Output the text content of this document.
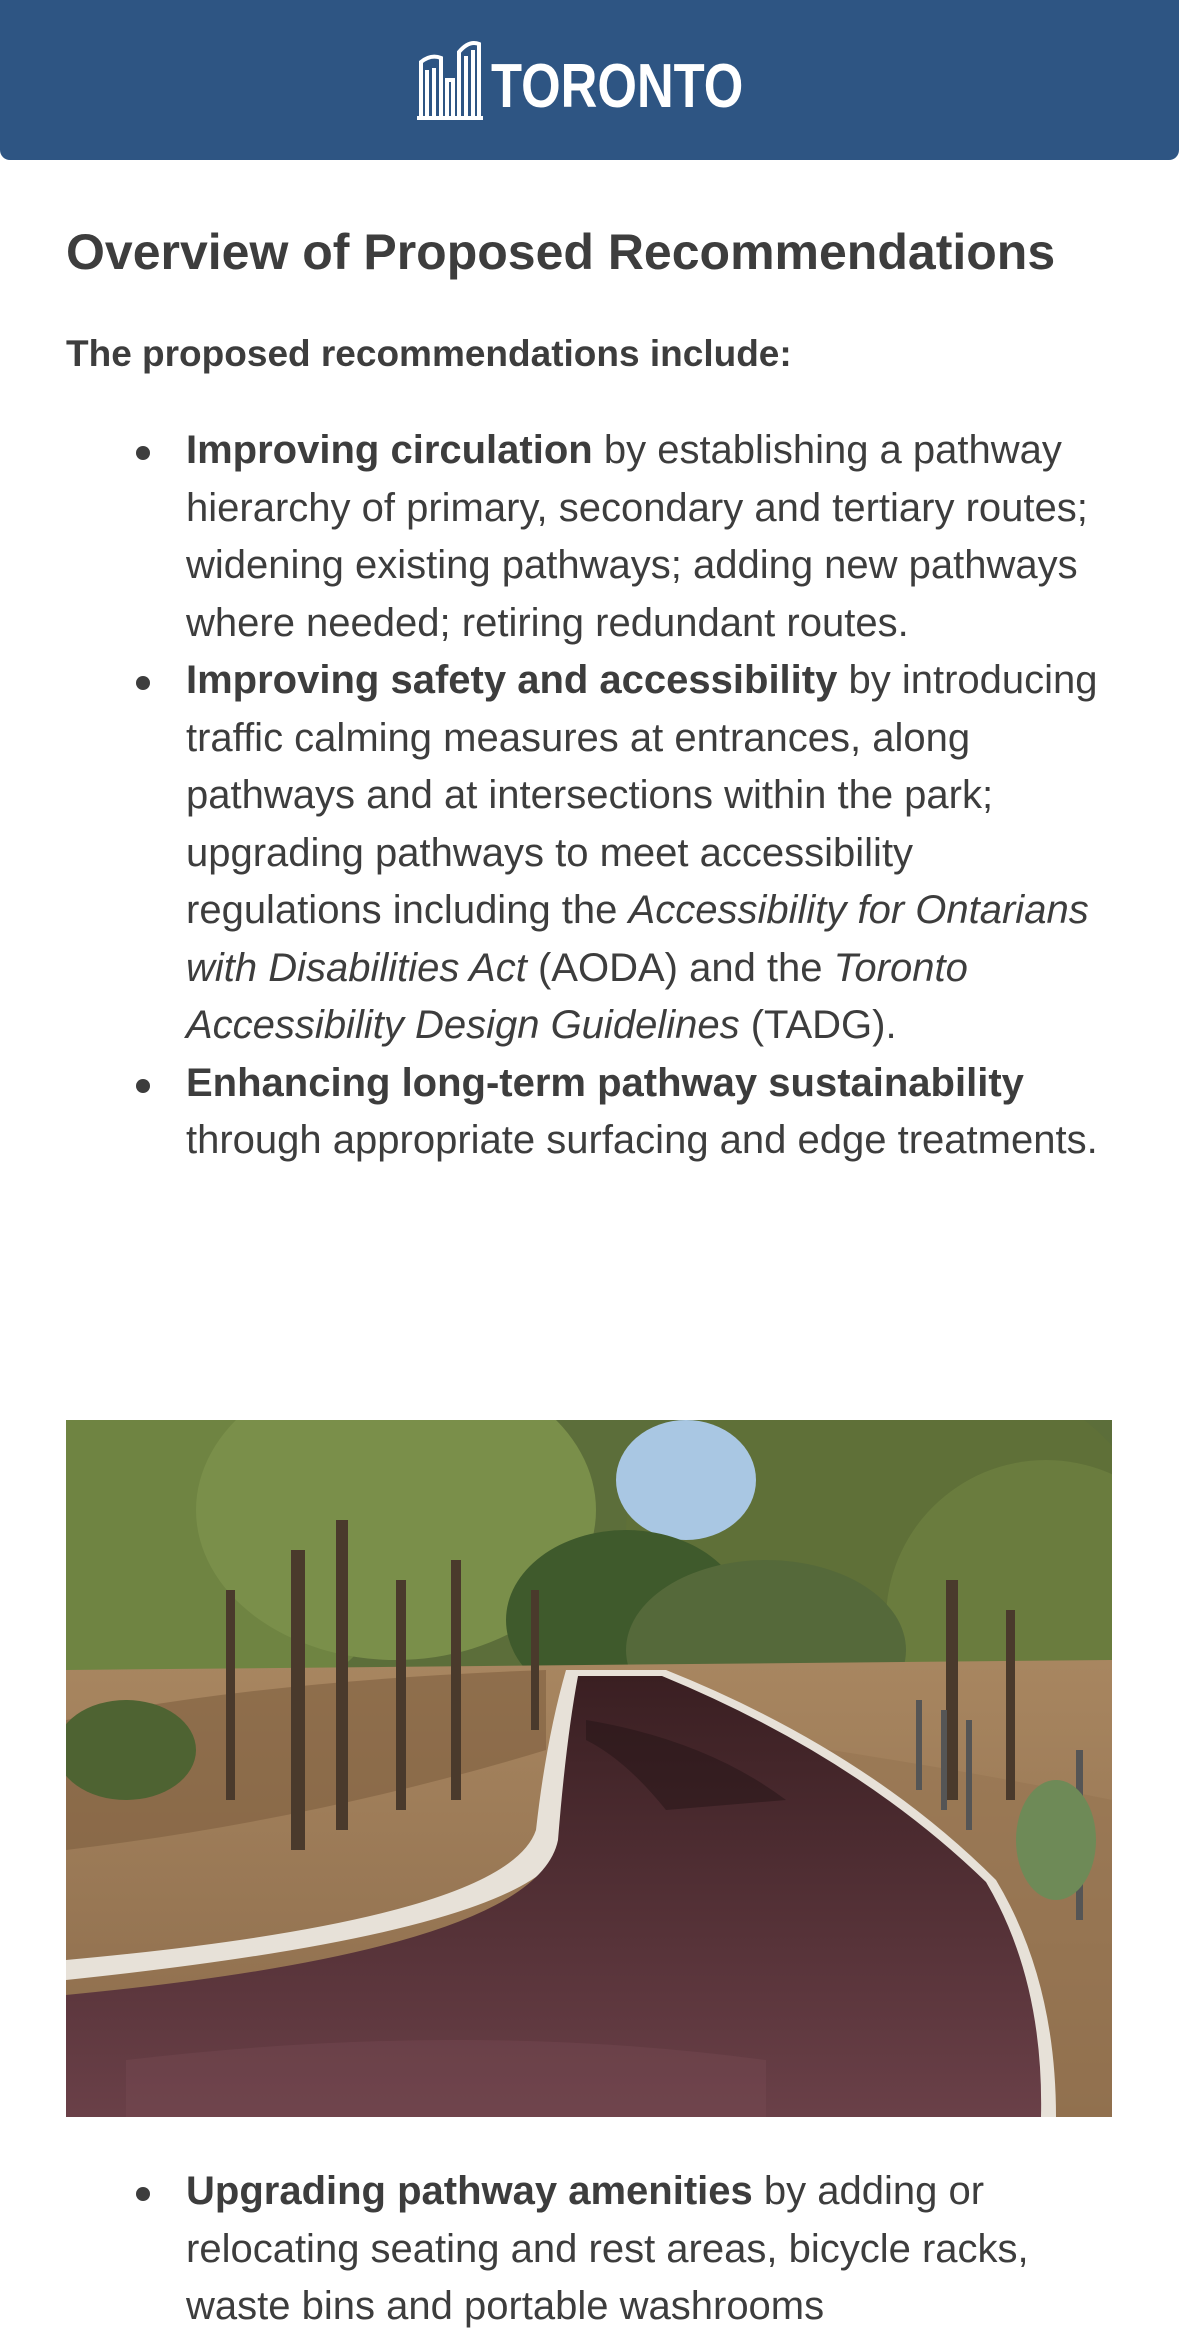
TORONTO
Overview of Proposed Recommendations

The proposed recommendations include:

Improving circulation by establishing a pathway hierarchy of primary, secondary and tertiary routes; widening existing pathways; adding new pathways where needed; retiring redundant routes.
Improving safety and accessibility by introducing traffic calming measures at entrances, along pathways and at intersections within the park; upgrading pathways to meet accessibility regulations including the Accessibility for Ontarians with Disabilities Act (AODA) and the Toronto Accessibility Design Guidelines (TADG).
Enhancing long-term pathway sustainability through appropriate surfacing and edge treatments.
Upgrading pathway amenities by adding or relocating seating and rest areas, bicycle racks, waste bins and portable washrooms
